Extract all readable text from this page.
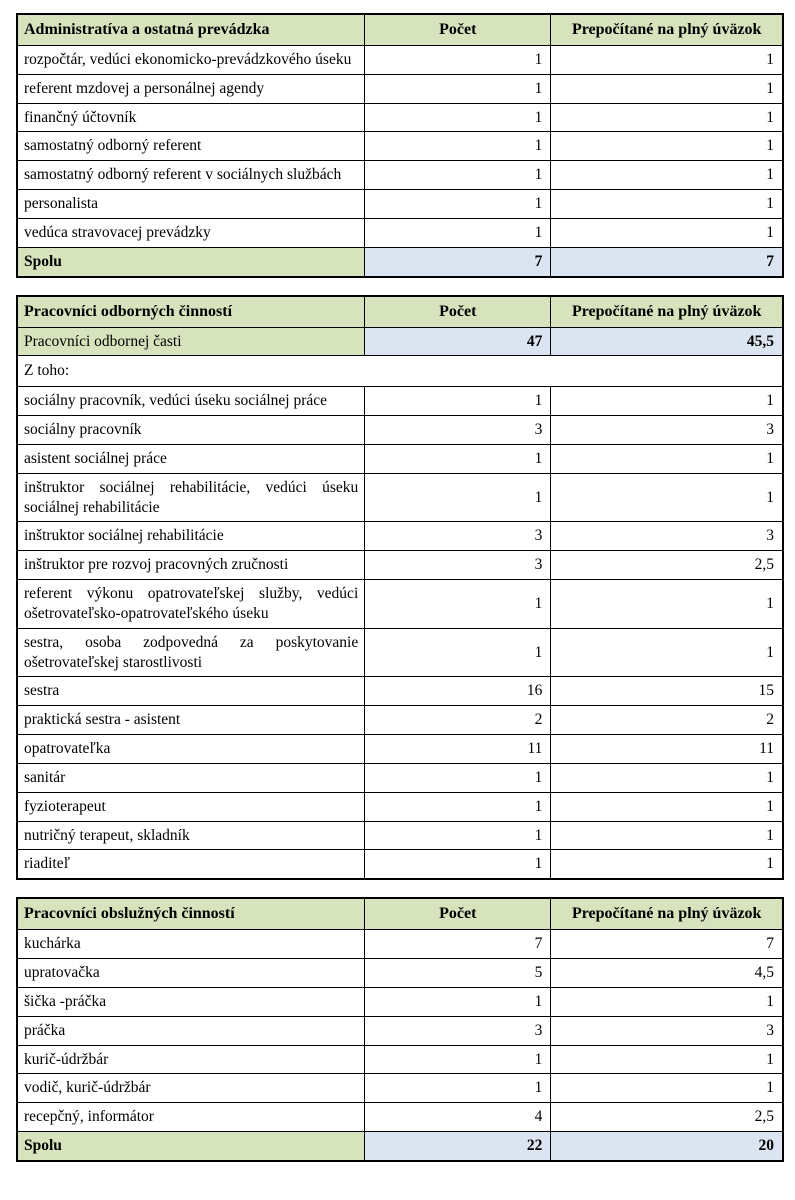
Administratíva a ostatná prevádzka	Počet	Prepočítané na plný úväzok
rozpočtár, vedúci ekonomicko-prevádzkového úseku	1	1
referent mzdovej a personálnej agendy	1	1
finančný účtovník	1	1
samostatný odborný referent	1	1
samostatný odborný referent v sociálnych službách	1	1
personalista	1	1
vedúca stravovacej prevádzky	1	1
Spolu	7	7
Pracovníci odborných činností	Počet	Prepočítané na plný úväzok
Pracovníci odbornej časti	47	45,5
Z toho:		
sociálny pracovník, vedúci úseku sociálnej práce	1	1
sociálny pracovník	3	3
asistent sociálnej práce	1	1
inštruktor sociálnej rehabilitácie, vedúci úseku sociálnej rehabilitácie	1	1
inštruktor sociálnej rehabilitácie	3	3
inštruktor pre rozvoj pracovných zručnosti	3	2,5
referent výkonu opatrovateľskej služby, vedúci ošetrovateľsko-opatrovateľského úseku	1	1
sestra, osoba zodpovedná za poskytovanie ošetrovateľskej starostlivosti	1	1
sestra	16	15
praktická sestra - asistent	2	2
opatrovateľka	11	11
sanitár	1	1
fyzioterapeut	1	1
nutričný terapeut, skladník	1	1
riaditeľ	1	1
Pracovníci obslužných činností	Počet	Prepočítané na plný úväzok
kuchárka	7	7
upratovačka	5	4,5
šička -práčka	1	1
práčka	3	3
kurič-údržbár	1	1
vodič, kurič-údržbár	1	1
recepčný, informátor	4	2,5
Spolu	22	20
